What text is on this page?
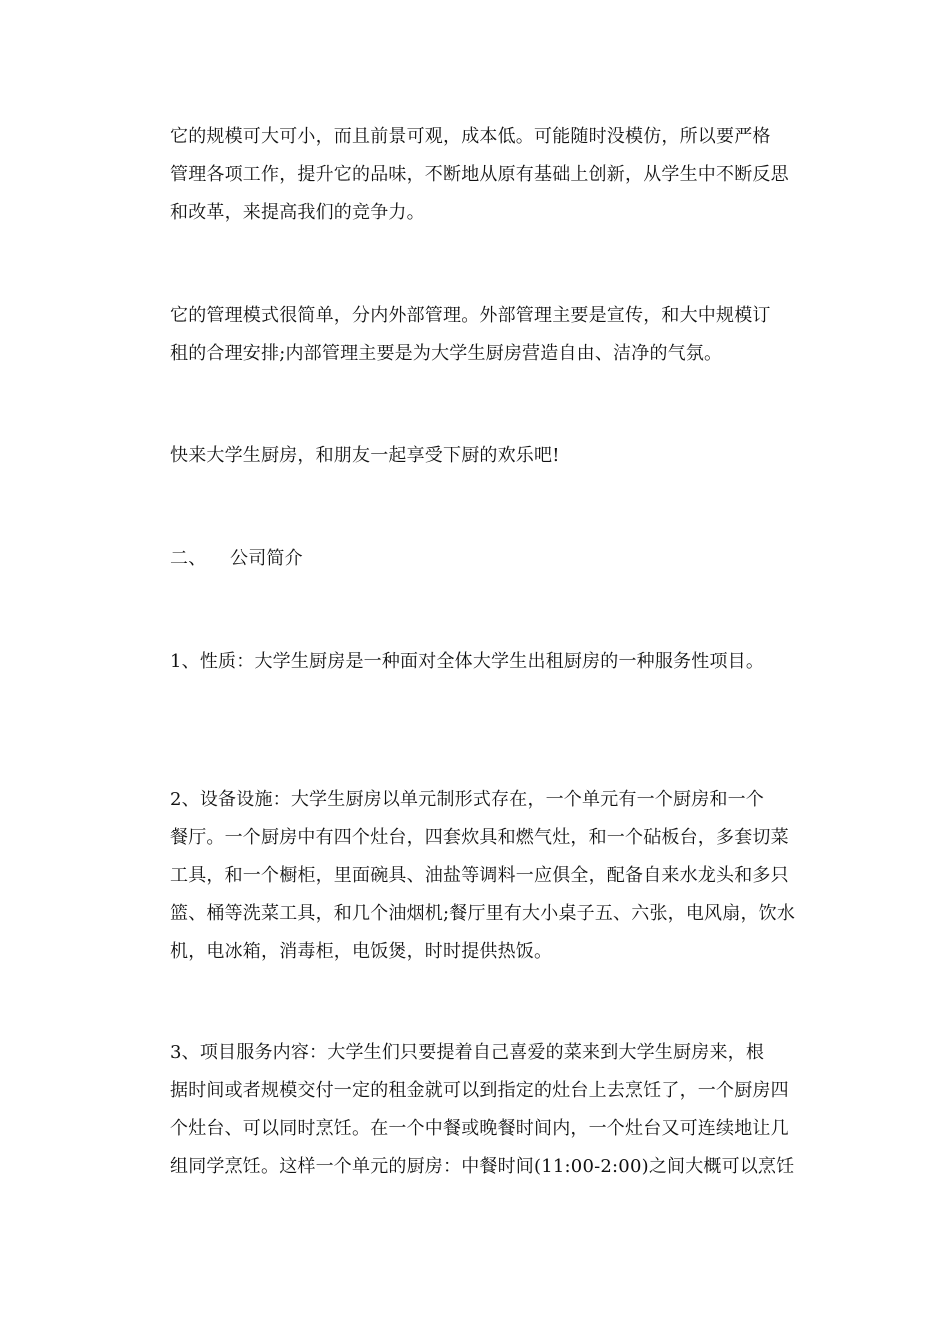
它的规模可大可小，而且前景可观，成本低。可能随时没模仿，所以要严格
管理各项工作，提升它的品味，不断地从原有基础上创新，从学生中不断反思
和改革，来提高我们的竞争力。
它的管理模式很简单，分内外部管理。外部管理主要是宣传，和大中规模订
租的合理安排;内部管理主要是为大学生厨房营造自由、洁净的气氛。
快来大学生厨房，和朋友一起享受下厨的欢乐吧!
二、 公司简介
1、性质：大学生厨房是一种面对全体大学生出租厨房的一种服务性项目。
2、设备设施：大学生厨房以单元制形式存在，一个单元有一个厨房和一个
餐厅。一个厨房中有四个灶台，四套炊具和燃气灶，和一个砧板台，多套切菜
工具，和一个橱柜，里面碗具、油盐等调料一应俱全，配备自来水龙头和多只
篮、桶等洗菜工具，和几个油烟机;餐厅里有大小桌子五、六张，电风扇，饮水
机，电冰箱，消毒柜，电饭煲，时时提供热饭。
3、项目服务内容：大学生们只要提着自己喜爱的菜来到大学生厨房来，根
据时间或者规模交付一定的租金就可以到指定的灶台上去烹饪了，一个厨房四
个灶台、可以同时烹饪。在一个中餐或晚餐时间内，一个灶台又可连续地让几
组同学烹饪。这样一个单元的厨房：中餐时间(11:00-2:00)之间大概可以烹饪
